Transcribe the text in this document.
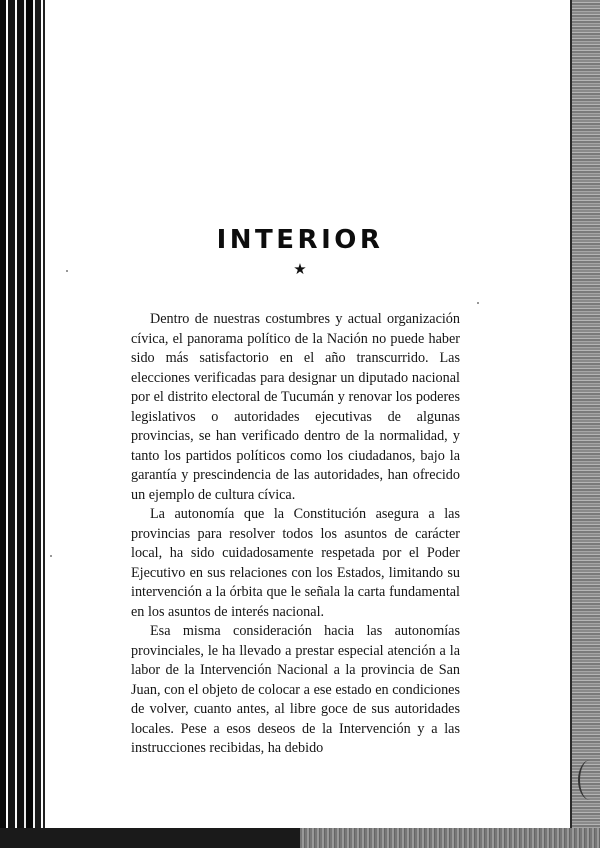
INTERIOR
★

Dentro de nuestras costumbres y actual organización cívica, el panorama político de la Nación no puede haber sido más satisfactorio en el año transcurrido. Las elecciones verificadas para designar un diputado nacional por el distrito electoral de Tucumán y renovar los poderes legislativos o autoridades ejecutivas de algunas provincias, se han verificado dentro de la normalidad, y tanto los partidos políticos como los ciudadanos, bajo la garantía y prescindencia de las autoridades, han ofrecido un ejemplo de cultura cívica.

La autonomía que la Constitución asegura a las provincias para resolver todos los asuntos de carácter local, ha sido cuidadosamente respetada por el Poder Ejecutivo en sus relaciones con los Estados, limitando su intervención a la órbita que le señala la carta fundamental en los asuntos de interés nacional.

Esa misma consideración hacia las autonomías provinciales, le ha llevado a prestar especial atención a la labor de la Intervención Nacional a la provincia de San Juan, con el objeto de colocar a ese estado en condiciones de volver, cuanto antes, al libre goce de sus autoridades locales. Pese a esos deseos de la Intervención y a las instrucciones recibidas, ha debido
